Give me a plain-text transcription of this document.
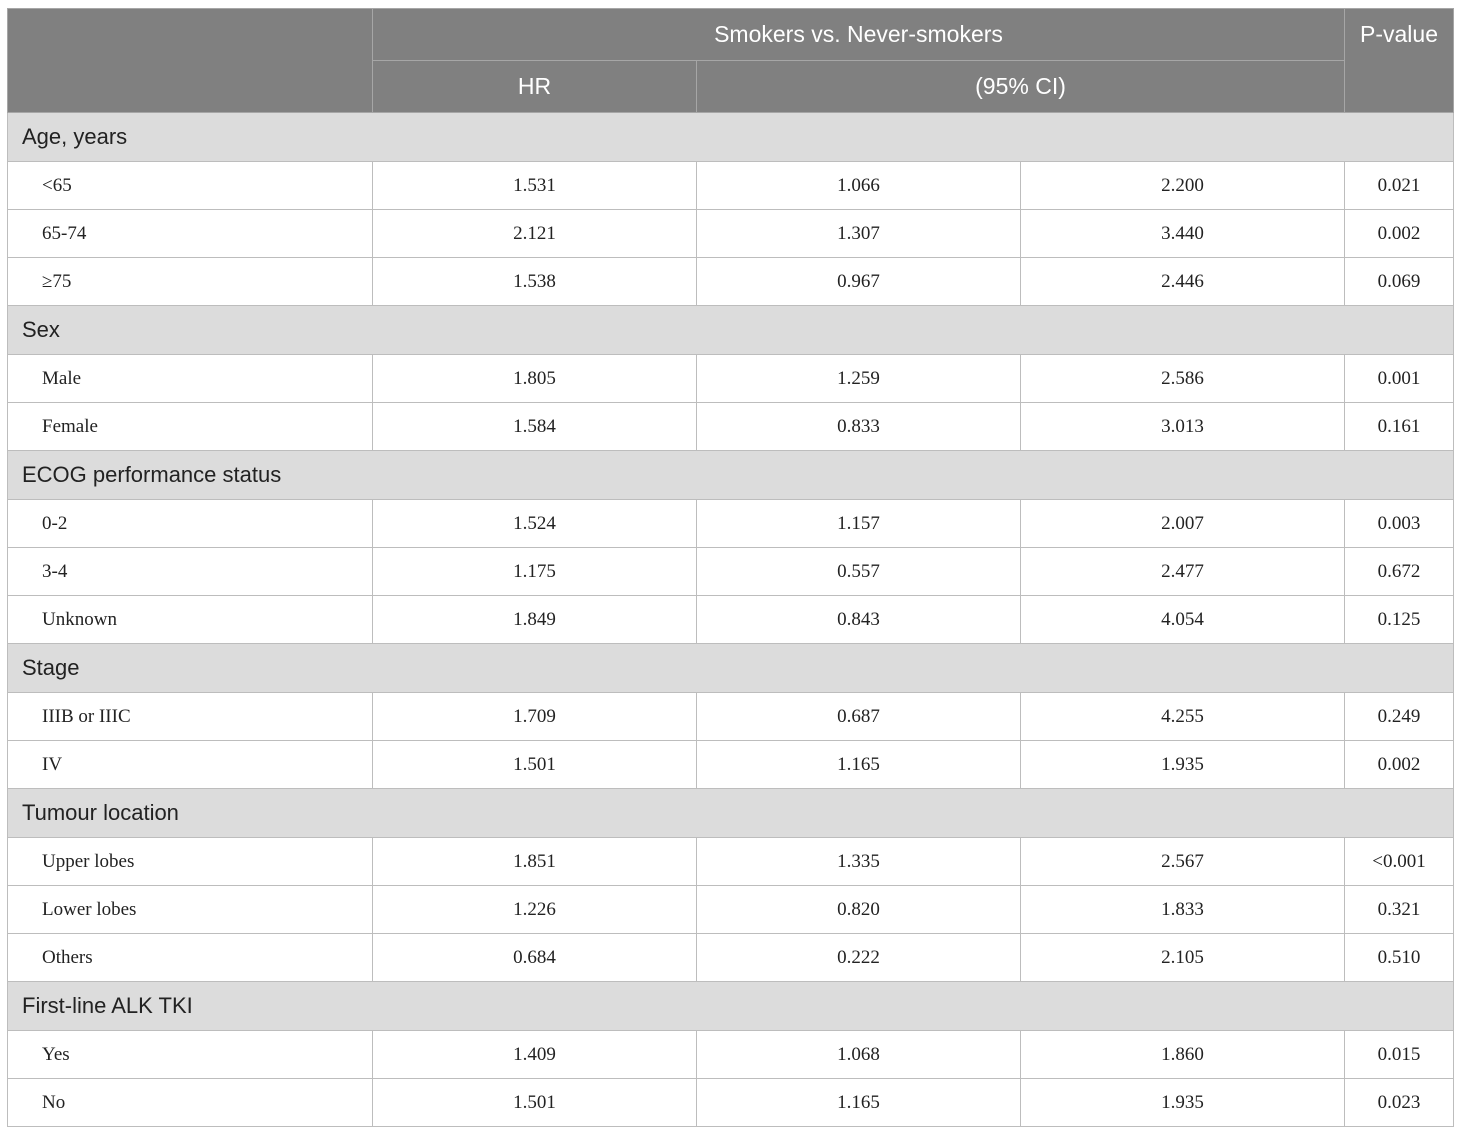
	Smokers vs. Never-smokers			P-value
	HR	(95% CI)		
Age, years				
<65	1.531	1.066	2.200	0.021
65-74	2.121	1.307	3.440	0.002
≥75	1.538	0.967	2.446	0.069
Sex				
Male	1.805	1.259	2.586	0.001
Female	1.584	0.833	3.013	0.161
ECOG performance status				
0-2	1.524	1.157	2.007	0.003
3-4	1.175	0.557	2.477	0.672
Unknown	1.849	0.843	4.054	0.125
Stage				
IIIB or IIIC	1.709	0.687	4.255	0.249
IV	1.501	1.165	1.935	0.002
Tumour location				
Upper lobes	1.851	1.335	2.567	<0.001
Lower lobes	1.226	0.820	1.833	0.321
Others	0.684	0.222	2.105	0.510
First-line ALK TKI				
Yes	1.409	1.068	1.860	0.015
No	1.501	1.165	1.935	0.023
